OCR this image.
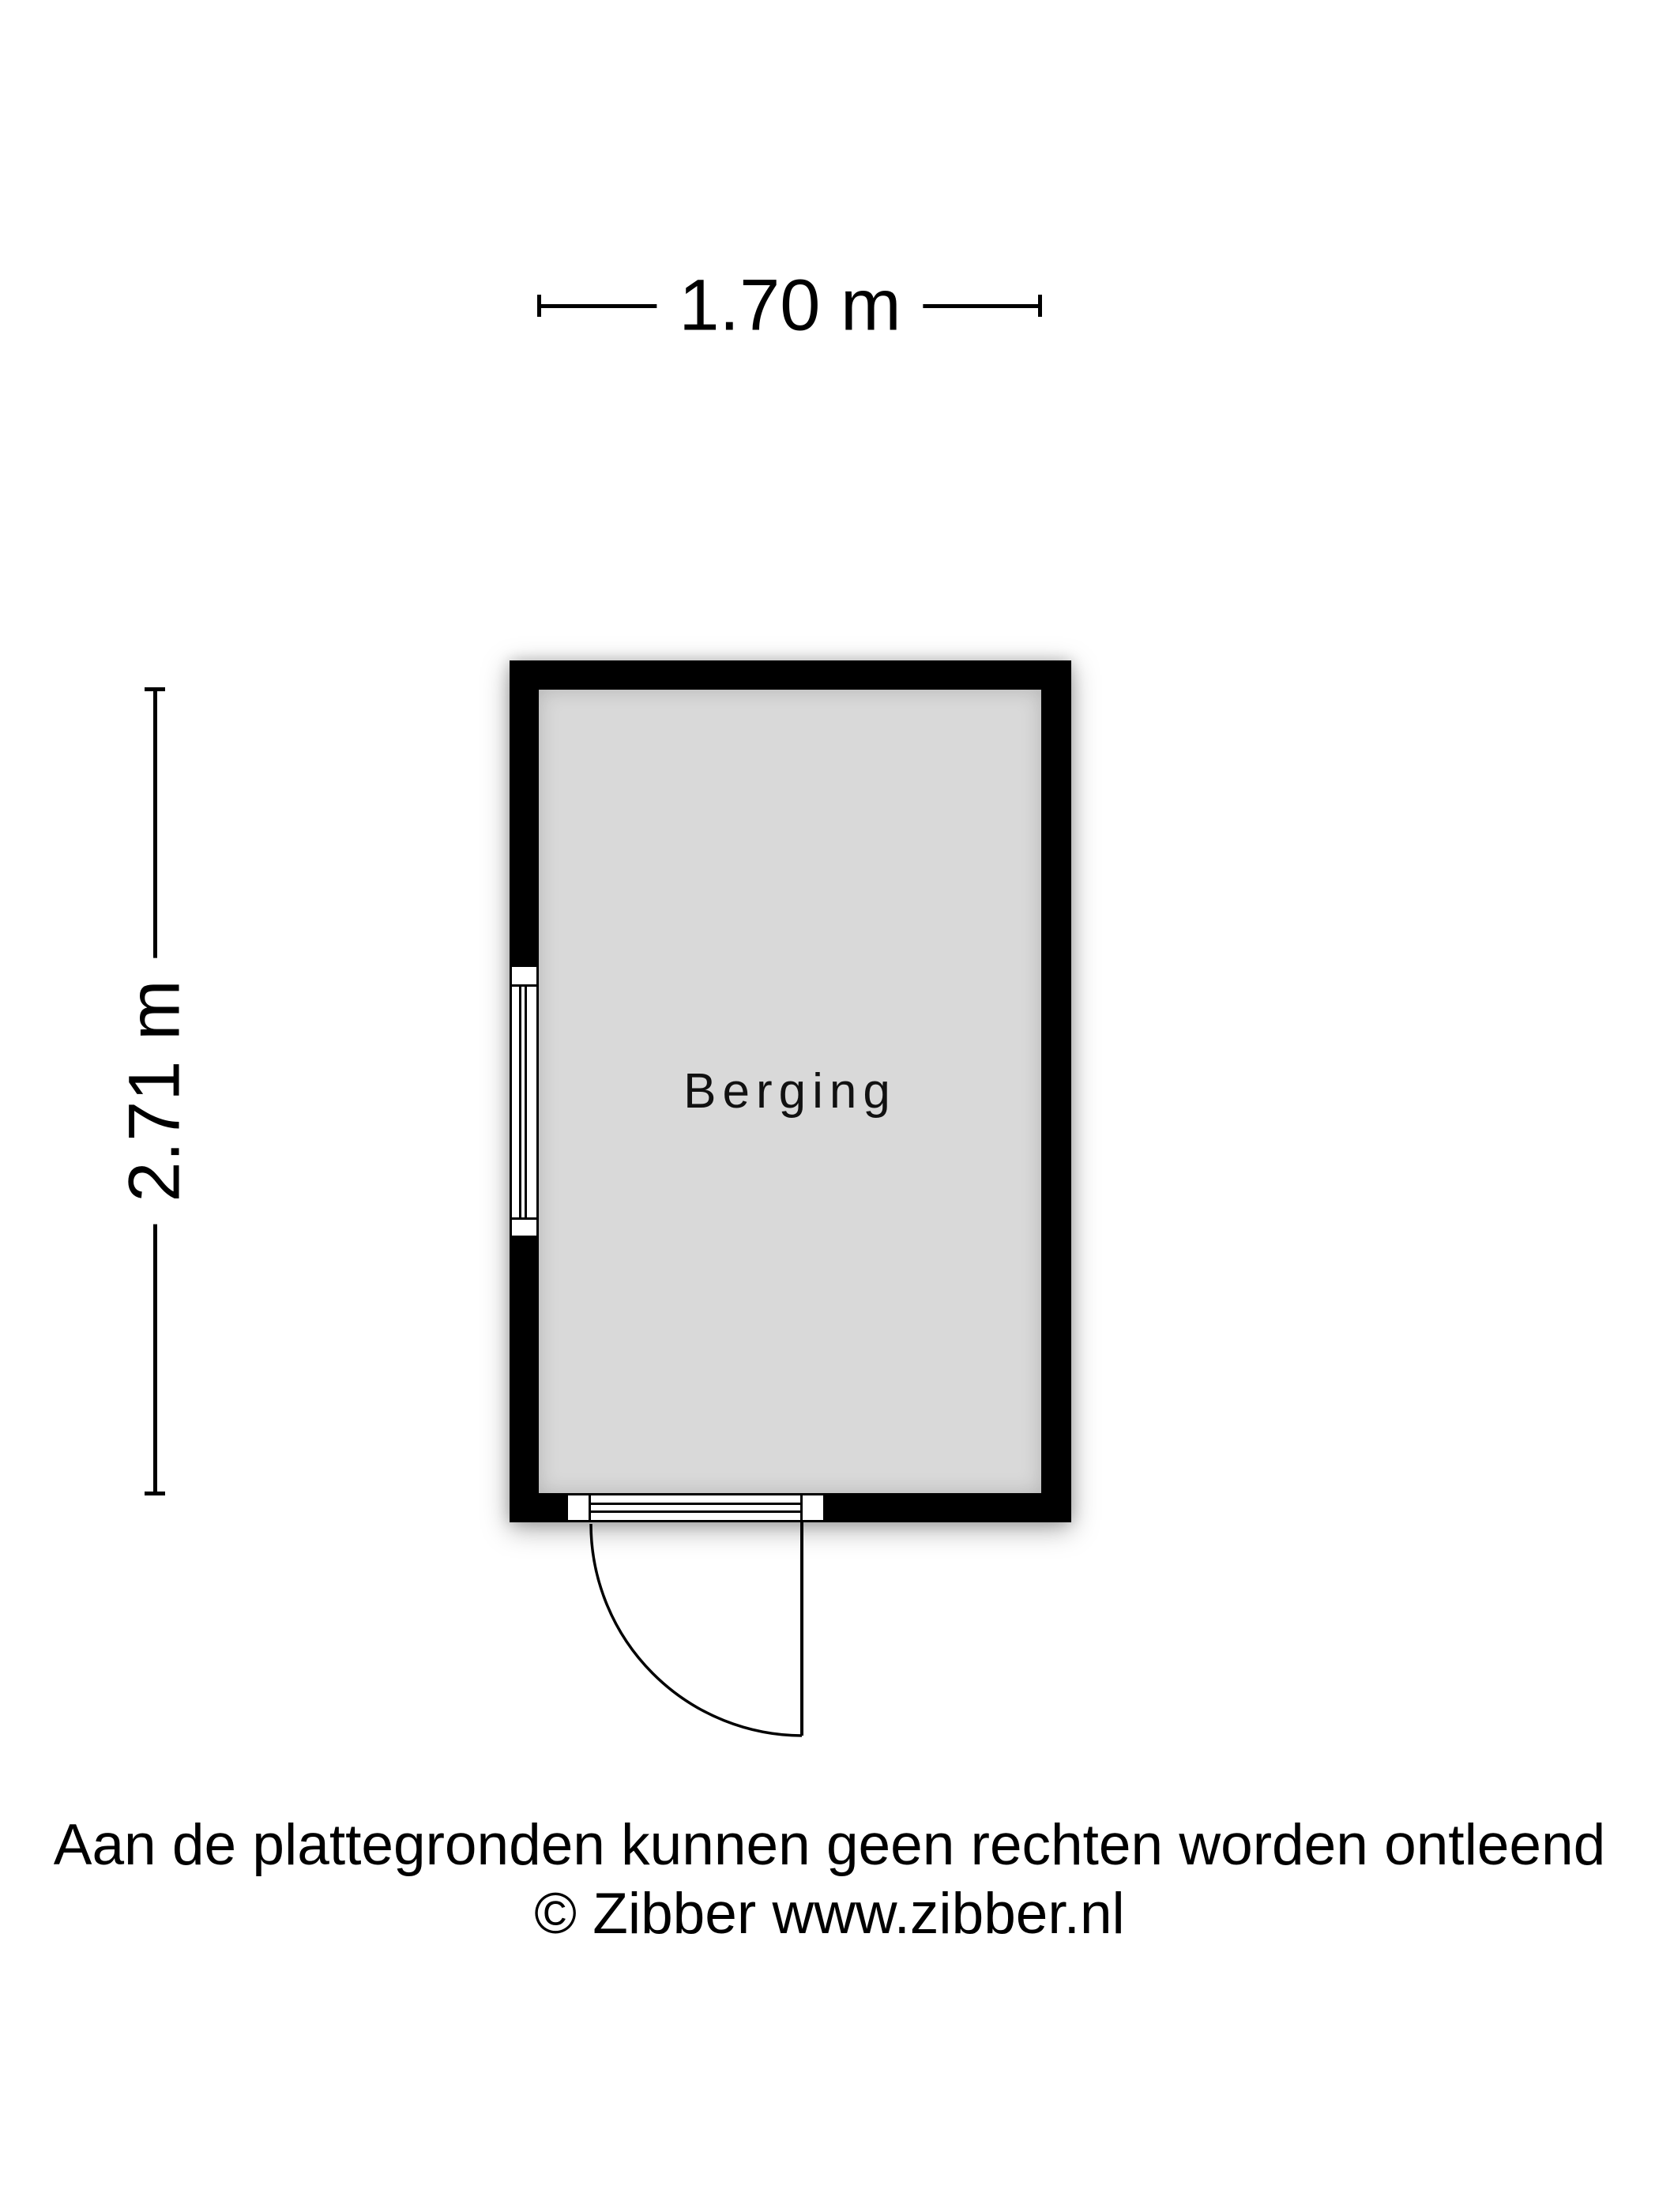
1.70 m
2.71 m	Berging

Aan de plattegronden kunnen geen rechten worden ontleend

© Zibber www.zibber.nl
